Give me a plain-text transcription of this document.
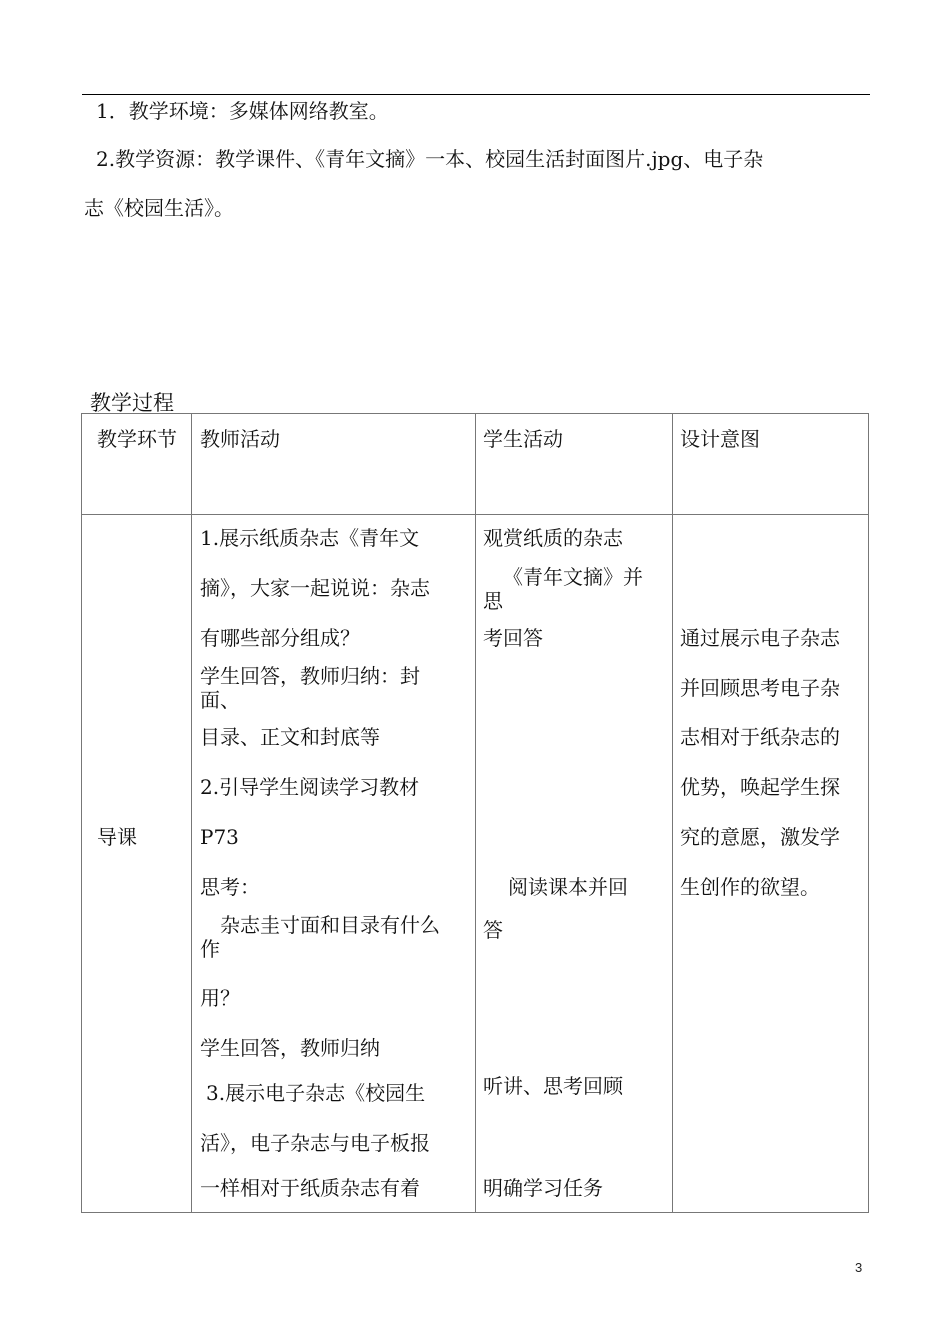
1．教学环境：多媒体网络教室。
2.教学资源：教学课件、《青年文摘》一本、校园生活封面图片.jpg、电子杂
志《校园生活》。
教学过程
教学环节 教师活动	学生活动	设计意图
导课
1.展示纸质杂志《青年文
摘》，大家一起说说：杂志
有哪些部分组成？
学生回答，教师归纳：封
面、
目录、正文和封底等
2.引导学生阅读学习教材
P73
思考：
杂志圭寸面和目录有什么
作
用？
学生回答，教师归纳
3.展示电子杂志《校园生
活》，电子杂志与电子板报
一样相对于纸质杂志有着
观赏纸质的杂志
《青年文摘》并
思
考回答
阅读课本并回
答
听讲、思考回顾
明确学习任务
通过展示电子杂志
并回顾思考电子杂
志相对于纸杂志的
优势，唤起学生探
究的意愿，激发学
生创作的欲望。
3
